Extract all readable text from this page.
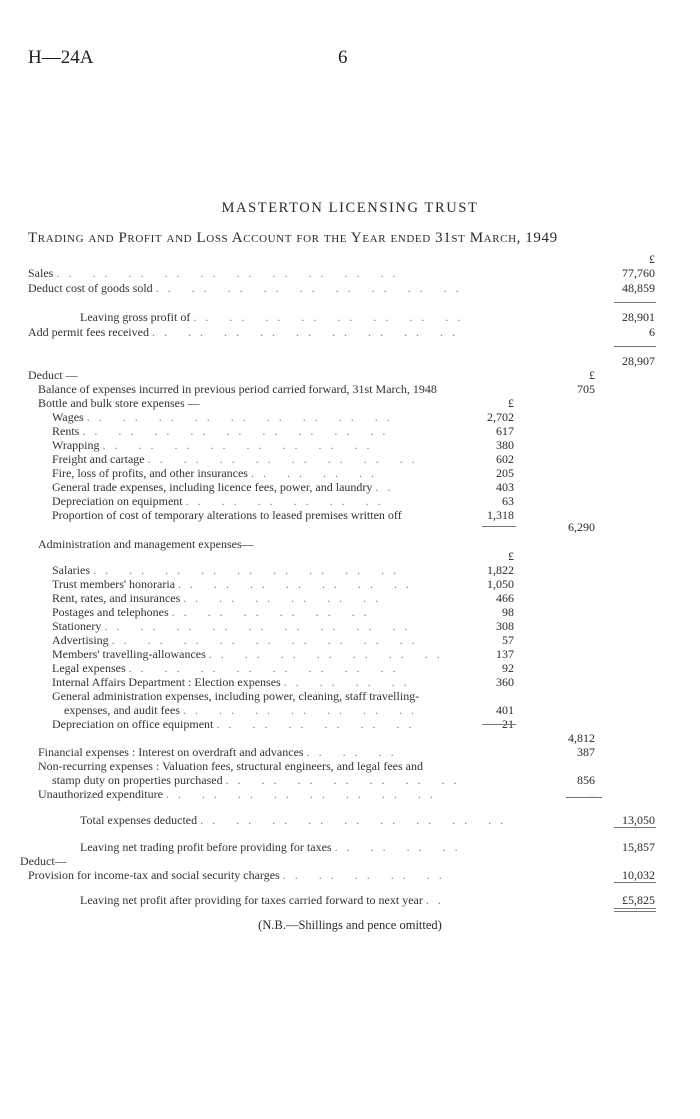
H—24A	6
MASTERTON LICENSING TRUST
Trading and Profit and Loss Account for the Year ended 31st March, 1949
£
Sales .. .. .. .. .. .. .. .. .. ..	77,760
Deduct cost of goods sold .. .. .. .. .. .. .. .. ..	48,859
Leaving gross profit of .. .. .. .. .. .. .. ..	28,901
Add permit fees received .. .. .. .. .. .. .. .. ..	6
28,907
Deduct —	£
Balance of expenses incurred in previous period carried forward, 31st March, 1948	705
Bottle and bulk store expenses —	£
Wages .. .. .. .. .. .. .. .. ..	2,702
Rents .. .. .. .. .. .. .. .. ..	617
Wrapping .. .. .. .. .. .. .. ..	380
Freight and cartage .. .. .. .. .. .. .. ..	602
Fire, loss of profits, and other insurances .. .. .. ..	205
General trade expenses, including licence fees, power, and laundry ..	403
Depreciation on equipment .. .. .. .. .. ..	63
Proportion of cost of temporary alterations to leased premises written off	1,318
6,290
Administration and management expenses—
£
Salaries .. .. .. .. .. .. .. .. ..	1,822
Trust members' honoraria .. .. .. .. .. .. ..	1,050
Rent, rates, and insurances .. .. .. .. .. ..	466
Postages and telephones .. .. .. .. .. ..	98
Stationery .. .. .. .. .. .. .. .. ..	308
Advertising .. .. .. .. .. .. .. .. ..	57
Members' travelling-allowances .. .. .. .. .. .. ..	137
Legal expenses .. .. .. .. .. .. .. ..	92
Internal Affairs Department : Election expenses .. .. .. ..	360
General administration expenses, including power, cleaning, staff travelling-
expenses, and audit fees .. .. .. .. .. .. ..	401
Depreciation on office equipment .. .. .. .. .. ..	21
4,812
Financial expenses : Interest on overdraft and advances .. .. ..	387
Non-recurring expenses : Valuation fees, structural engineers, and legal fees and
stamp duty on properties purchased .. .. .. .. .. .. ..	856
Unauthorized expenditure .. .. .. .. .. .. .. ..	..
Total expenses deducted .. .. .. .. .. .. .. .. ..	13,050
Leaving net trading profit before providing for taxes .. .. .. ..	15,857
Deduct—
Provision for income-tax and social security charges .. .. .. .. ..	10,032
Leaving net profit after providing for taxes carried forward to next year ..	£5,825
(N.B.—Shillings and pence omitted)
